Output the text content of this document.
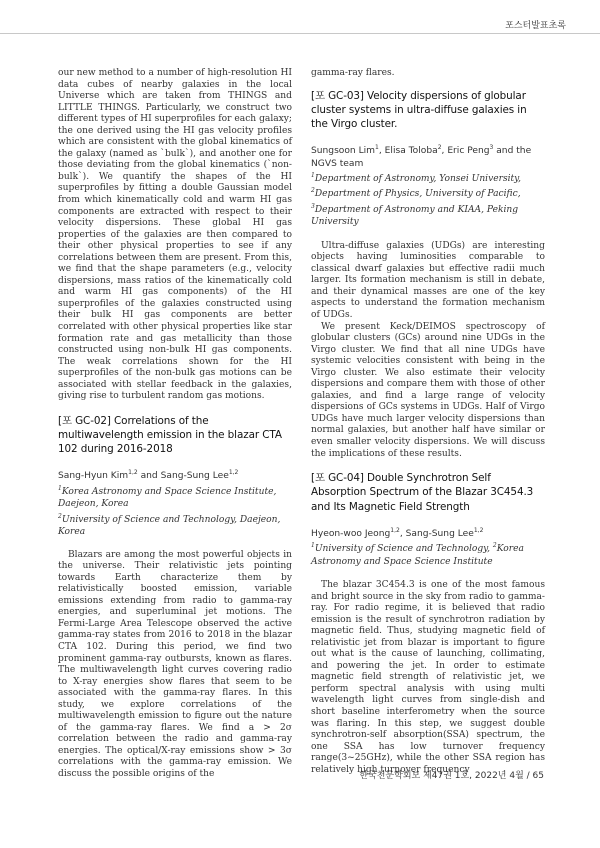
포스터발표초록

our new method to a number of high-resolution HI data cubes of nearby galaxies in the local Universe which are taken from THINGS and LITTLE THINGS. Particularly, we construct two different types of HI superprofiles for each galaxy; the one derived using the HI gas velocity profiles which are consistent with the global kinematics of the galaxy (named as `bulk`), and another one for those deviating from the global kinematics (`non-bulk`). We quantify the shapes of the HI superprofiles by fitting a double Gaussian model from which kinematically cold and warm HI gas components are extracted with respect to their velocity dispersions. These global HI gas properties of the galaxies are then compared to their other physical properties to see if any correlations between them are present. From this, we find that the shape parameters (e.g., velocity dispersions, mass ratios of the kinematically cold and warm HI gas components) of the HI superprofiles of the galaxies constructed using their bulk HI gas components are better correlated with other physical properties like star formation rate and gas metallicity than those constructed using non-bulk HI gas components. The weak correlations shown for the HI superprofiles of the non-bulk gas motions can be associated with stellar feedback in the galaxies, giving rise to turbulent random gas motions.

[포 GC-02] Correlations of the multiwavelength emission in the blazar CTA 102 during 2016-2018
Sang-Hyun Kim$^{1,2}$ and Sang-Sung Lee$^{1,2}$
$^1$Korea Astronomy and Space Science Institute, Daejeon, Korea
$^2$University of Science and Technology, Daejeon, Korea

Blazars are among the most powerful objects in the universe. Their relativistic jets pointing towards Earth characterize them by relativistically boosted emission, variable emissions extending from radio to gamma-ray energies, and superluminal jet motions. The Fermi-Large Area Telescope observed the active gamma-ray states from 2016 to 2018 in the blazar CTA 102. During this period, we find two prominent gamma-ray outbursts, known as flares. The multiwavelength light curves covering radio to X-ray energies show flares that seem to be associated with the gamma-ray flares. In this study, we explore correlations of the multiwavelength emission to figure out the nature of the gamma-ray flares. We find a > 2σ correlation between the radio and gamma-ray energies. The optical/X-ray emissions show > 3σ correlations with the gamma-ray emission. We discuss the possible origins of the

gamma-ray flares.

[포 GC-03] Velocity dispersions of globular cluster systems in ultra-diffuse galaxies in the Virgo cluster.
Sungsoon Lim$^1$, Elisa Toloba$^2$, Eric Peng$^3$ and the NGVS team
$^1$Department of Astronomy, Yonsei University,
$^2$Department of Physics, University of Pacific,
$^3$Department of Astronomy and KIAA, Peking University

Ultra-diffuse galaxies (UDGs) are interesting objects having luminosities comparable to classical dwarf galaxies but effective radii much larger. Its formation mechanism is still in debate, and their dynamical masses are one of the key aspects to understand the formation mechanism of UDGs.

We present Keck/DEIMOS spectroscopy of globular clusters (GCs) around nine UDGs in the Virgo cluster. We find that all nine UDGs have systemic velocities consistent with being in the Virgo cluster. We also estimate their velocity dispersions and compare them with those of other galaxies, and find a large range of velocity dispersions of GCs systems in UDGs. Half of Virgo UDGs have much larger velocity dispersions than normal galaxies, but another half have similar or even smaller velocity dispersions. We will discuss the implications of these results.

[포 GC-04] Double Synchrotron Self Absorption Spectrum of the Blazar 3C454.3 and Its Magnetic Field Strength
Hyeon-woo Jeong$^{1,2}$, Sang-Sung Lee$^{1,2}$
$^1$University of Science and Technology, $^2$Korea Astronomy and Space Science Institute

The blazar 3C454.3 is one of the most famous and bright source in the sky from radio to gamma-ray. For radio regime, it is believed that radio emission is the result of synchrotron radiation by magnetic field. Thus, studying magnetic field of relativistic jet from blazar is important to figure out what is the cause of launching, collimating, and powering the jet. In order to estimate magnetic field strength of relativistic jet, we perform spectral analysis with using multi wavelength light curves from single-dish and short baseline interferometry when the source was flaring. In this step, we suggest double synchrotron-self absorption(SSA) spectrum, the one SSA has low turnover frequency range(3~25GHz), while the other SSA region has relatively high turnover frequency

한국천문학회보 제47권 1호, 2022년 4월 / 65
